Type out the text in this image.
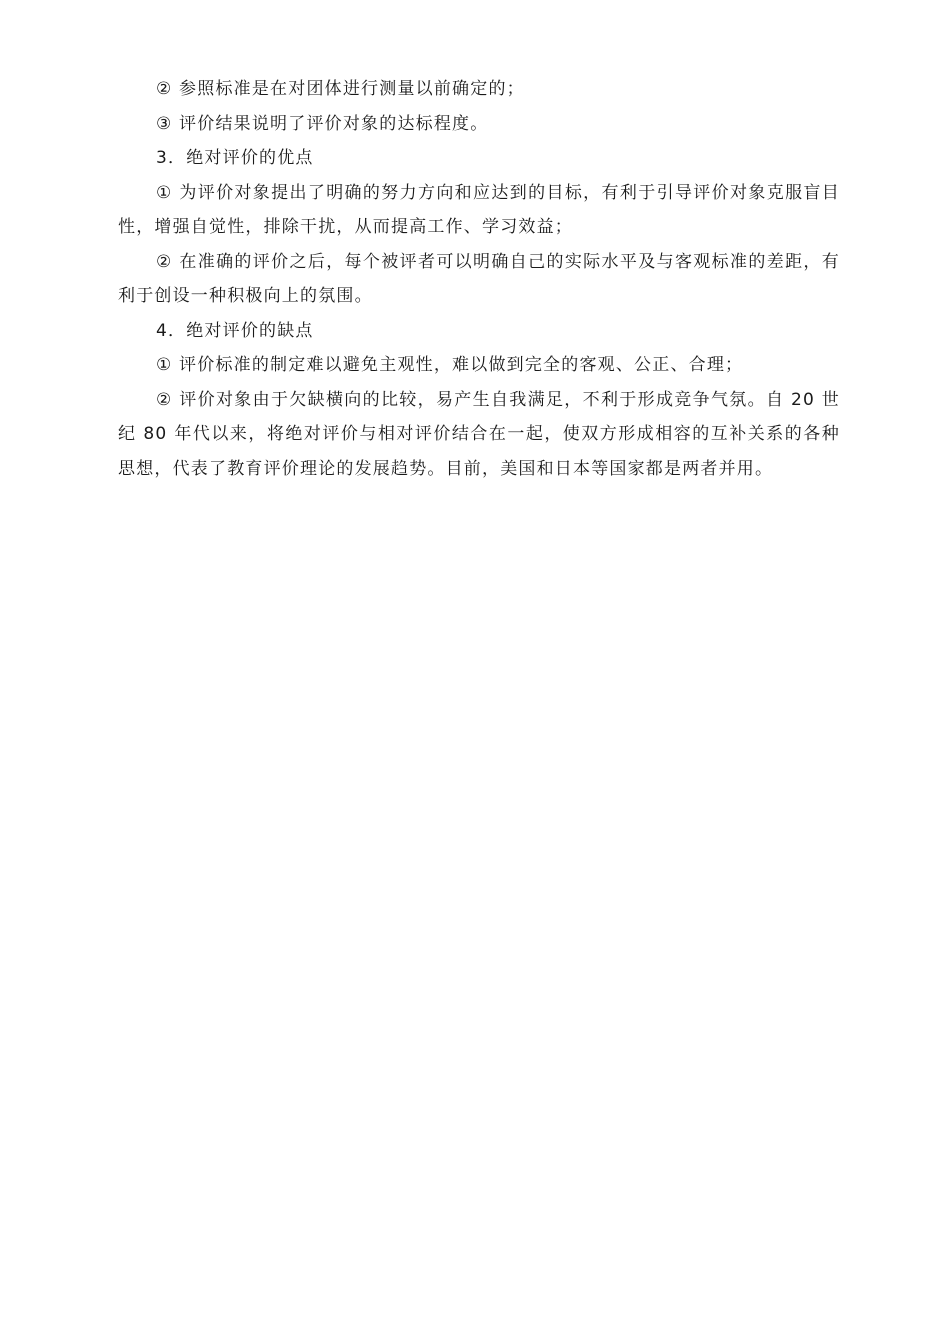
② 参照标准是在对团体进行测量以前确定的；

③ 评价结果说明了评价对象的达标程度。

3．绝对评价的优点

① 为评价对象提出了明确的努力方向和应达到的目标，有利于引导评价对象克服盲目性，增强自觉性，排除干扰，从而提高工作、学习效益；

② 在准确的评价之后，每个被评者可以明确自己的实际水平及与客观标准的差距，有利于创设一种积极向上的氛围。

4．绝对评价的缺点

① 评价标准的制定难以避免主观性，难以做到完全的客观、公正、合理；

② 评价对象由于欠缺横向的比较，易产生自我满足，不利于形成竞争气氛。自 20 世纪 80 年代以来，将绝对评价与相对评价结合在一起，使双方形成相容的互补关系的各种思想，代表了教育评价理论的发展趋势。目前，美国和日本等国家都是两者并用。
